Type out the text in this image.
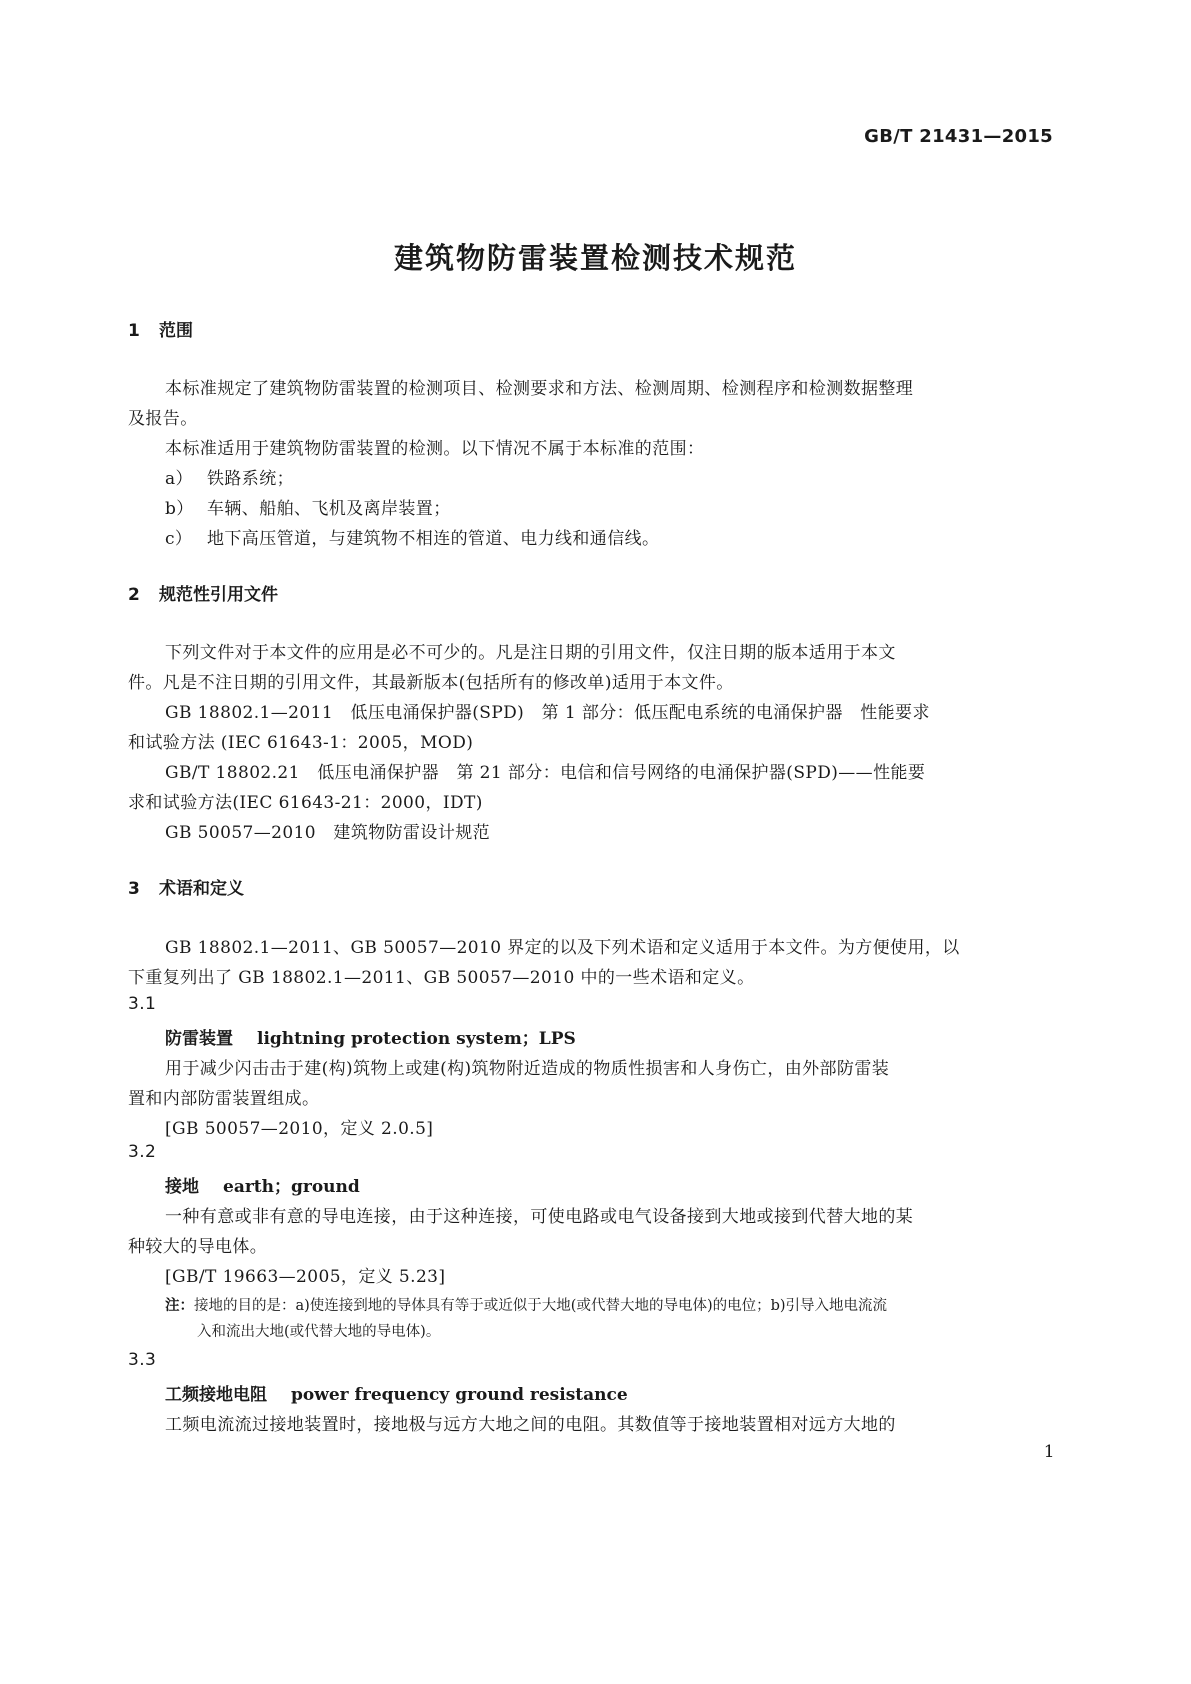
GB/T 21431—2015
建筑物防雷装置检测技术规范
1 范围
本标准规定了建筑物防雷装置的检测项目、检测要求和方法、检测周期、检测程序和检测数据整理
及报告。
本标准适用于建筑物防雷装置的检测。以下情况不属于本标准的范围：
a） 铁路系统；
b） 车辆、船舶、飞机及离岸装置；
c） 地下高压管道，与建筑物不相连的管道、电力线和通信线。
2 规范性引用文件
下列文件对于本文件的应用是必不可少的。凡是注日期的引用文件，仅注日期的版本适用于本文
件。凡是不注日期的引用文件，其最新版本(包括所有的修改单)适用于本文件。
GB 18802.1—2011　低压电涌保护器(SPD)　第 1 部分：低压配电系统的电涌保护器　性能要求
和试验方法 (IEC 61643-1：2005，MOD)
GB/T 18802.21　低压电涌保护器　第 21 部分：电信和信号网络的电涌保护器(SPD)——性能要
求和试验方法(IEC 61643-21：2000，IDT)
GB 50057—2010　建筑物防雷设计规范
3 术语和定义
GB 18802.1—2011、GB 50057—2010 界定的以及下列术语和定义适用于本文件。为方便使用，以
下重复列出了 GB 18802.1—2011、GB 50057—2010 中的一些术语和定义。
3.1
防雷装置 lightning protection system；LPS
用于减少闪击击于建(构)筑物上或建(构)筑物附近造成的物质性损害和人身伤亡，由外部防雷装
置和内部防雷装置组成。
[GB 50057—2010，定义 2.0.5]
3.2
接地 earth；ground
一种有意或非有意的导电连接，由于这种连接，可使电路或电气设备接到大地或接到代替大地的某
种较大的导电体。
[GB/T 19663—2005，定义 5.23]
注：接地的目的是：a)使连接到地的导体具有等于或近似于大地(或代替大地的导电体)的电位；b)引导入地电流流
入和流出大地(或代替大地的导电体)。
3.3
工频接地电阻 power frequency ground resistance
工频电流流过接地装置时，接地极与远方大地之间的电阻。其数值等于接地装置相对远方大地的
1
